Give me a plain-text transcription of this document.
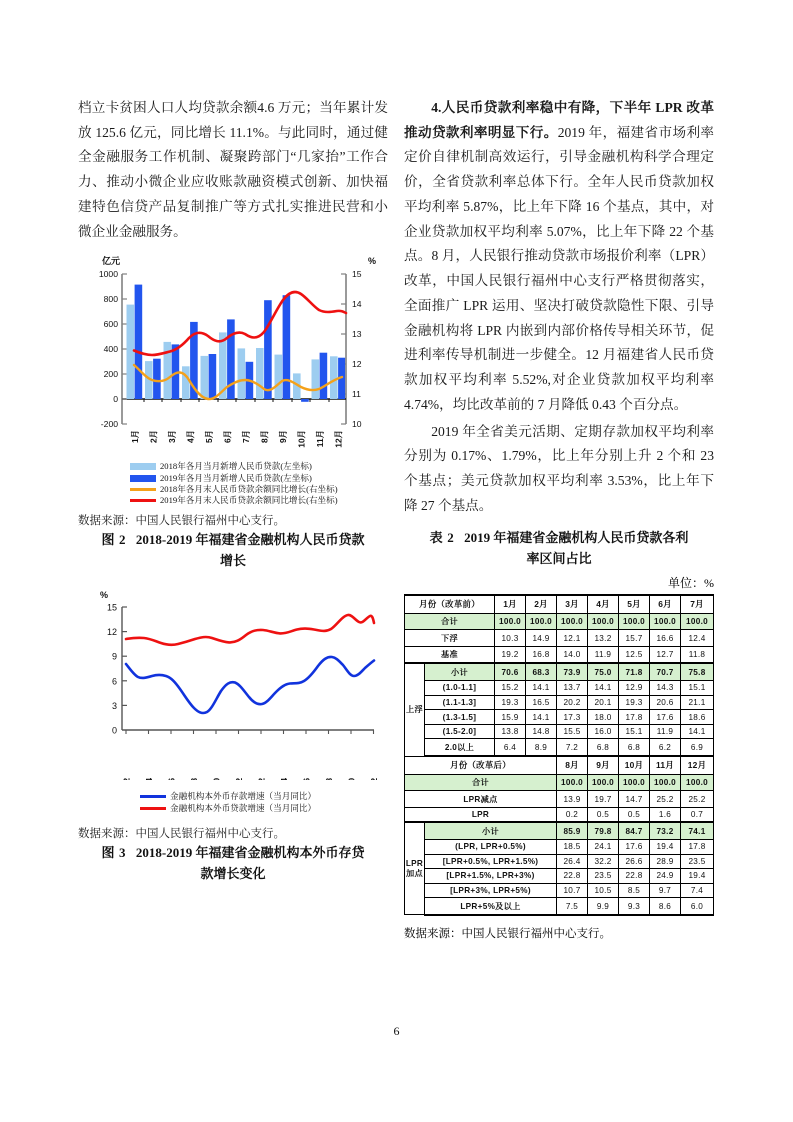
档立卡贫困人口人均贷款余额4.6 万元；当年累计发放 125.6 亿元，同比增长 11.1%。与此同时，通过健全金融服务工作机制、凝聚跨部门“几家抬”工作合力、推动小微企业应收账款融资模式创新、加快福建特色信贷产品复制推广等方式扎实推进民营和小微企业金融服务。

亿元	%
1000
800
600
400
200
0
-200
15
14
13
12
11
10
1月 2月 3月 4月 5月 6月 7月 8月 9月 10月 11月 12月
2018年各月当月新增人民币贷款(左坐标)
2019年各月当月新增人民币贷款(左坐标)
2018年各月末人民币贷款余额同比增长(右坐标)
2019年各月末人民币贷款余额同比增长(右坐标)
数据来源：中国人民银行福州中心支行。
图 2 2018-2019 年福建省金融机构人民币贷款
增长
%
15
12
9
6
3
0
金融机构本外币存款增速（当月同比）
金融机构本外币贷款增速（当月同比）
数据来源：中国人民银行福州中心支行。
图 3 2018-2019 年福建省金融机构本外币存贷
款增长变化

4.人民币贷款利率稳中有降，下半年 LPR 改革推动贷款利率明显下行。2019 年，福建省市场利率定价自律机制高效运行，引导金融机构科学合理定价，全省贷款利率总体下行。全年人民币贷款加权平均利率 5.87%，比上年下降 16 个基点，其中，对企业贷款加权平均利率 5.07%，比上年下降 22 个基点。8 月，人民银行推动贷款市场报价利率（LPR）改革，中国人民银行福州中心支行严格贯彻落实，全面推广 LPR 运用、坚决打破贷款隐性下限、引导金融机构将 LPR 内嵌到内部价格传导相关环节，促进利率传导机制进一步健全。12 月福建省人民币贷款加权平均利率 5.52%,对企业贷款加权平均利率 4.74%，均比改革前的 7 月降低 0.43 个百分点。

2019 年全省美元活期、定期存款加权平均利率分别为 0.17%、1.79%，比上年分别上升 2 个和 23 个基点；美元贷款加权平均利率 3.53%，比上年下降 27 个基点。

表 2 2019 年福建省金融机构人民币贷款各利
率区间占比
单位：%
月份（改革前）		1月	2月	3月	4月	5月	6月	7月
合计		100.0	100.0	100.0	100.0	100.0	100.0	100.0
下浮		10.3	14.9	12.1	13.2	15.7	16.6	12.4
基准		19.2	16.8	14.0	11.9	12.5	12.7	11.8
上浮	小计	70.6	68.3	73.9	75.0	71.8	70.7	75.8
	(1.0-1.1]	15.2	14.1	13.7	14.1	12.9	14.3	15.1
	(1.1-1.3]	19.3	16.5	20.2	20.1	19.3	20.6	21.1
	(1.3-1.5]	15.9	14.1	17.3	18.0	17.8	17.6	18.6
	(1.5-2.0]	13.8	14.8	15.5	16.0	15.1	11.9	14.1
	2.0以上	6.4	8.9	7.2	6.8	6.8	6.2	6.9
月份（改革后）				8月	9月	10月	11月	12月
合计				100.0	100.0	100.0	100.0	100.0
LPR减点				13.9	19.7	14.7	25.2	25.2
LPR				0.2	0.5	0.5	1.6	0.7
LPR 加点	小计			85.9	79.8	84.7	73.2	74.1
	(LPR, LPR+0.5%)			18.5	24.1	17.6	19.4	17.8
	[LPR+0.5%, LPR+1.5%)			26.4	32.2	26.6	28.9	23.5
	[LPR+1.5%, LPR+3%)			22.8	23.5	22.8	24.9	19.4
	[LPR+3%, LPR+5%)			10.7	10.5	8.5	9.7	7.4
	LPR+5%及以上			7.5	9.9	9.3	8.6	6.0
数据来源：中国人民银行福州中心支行。
6
